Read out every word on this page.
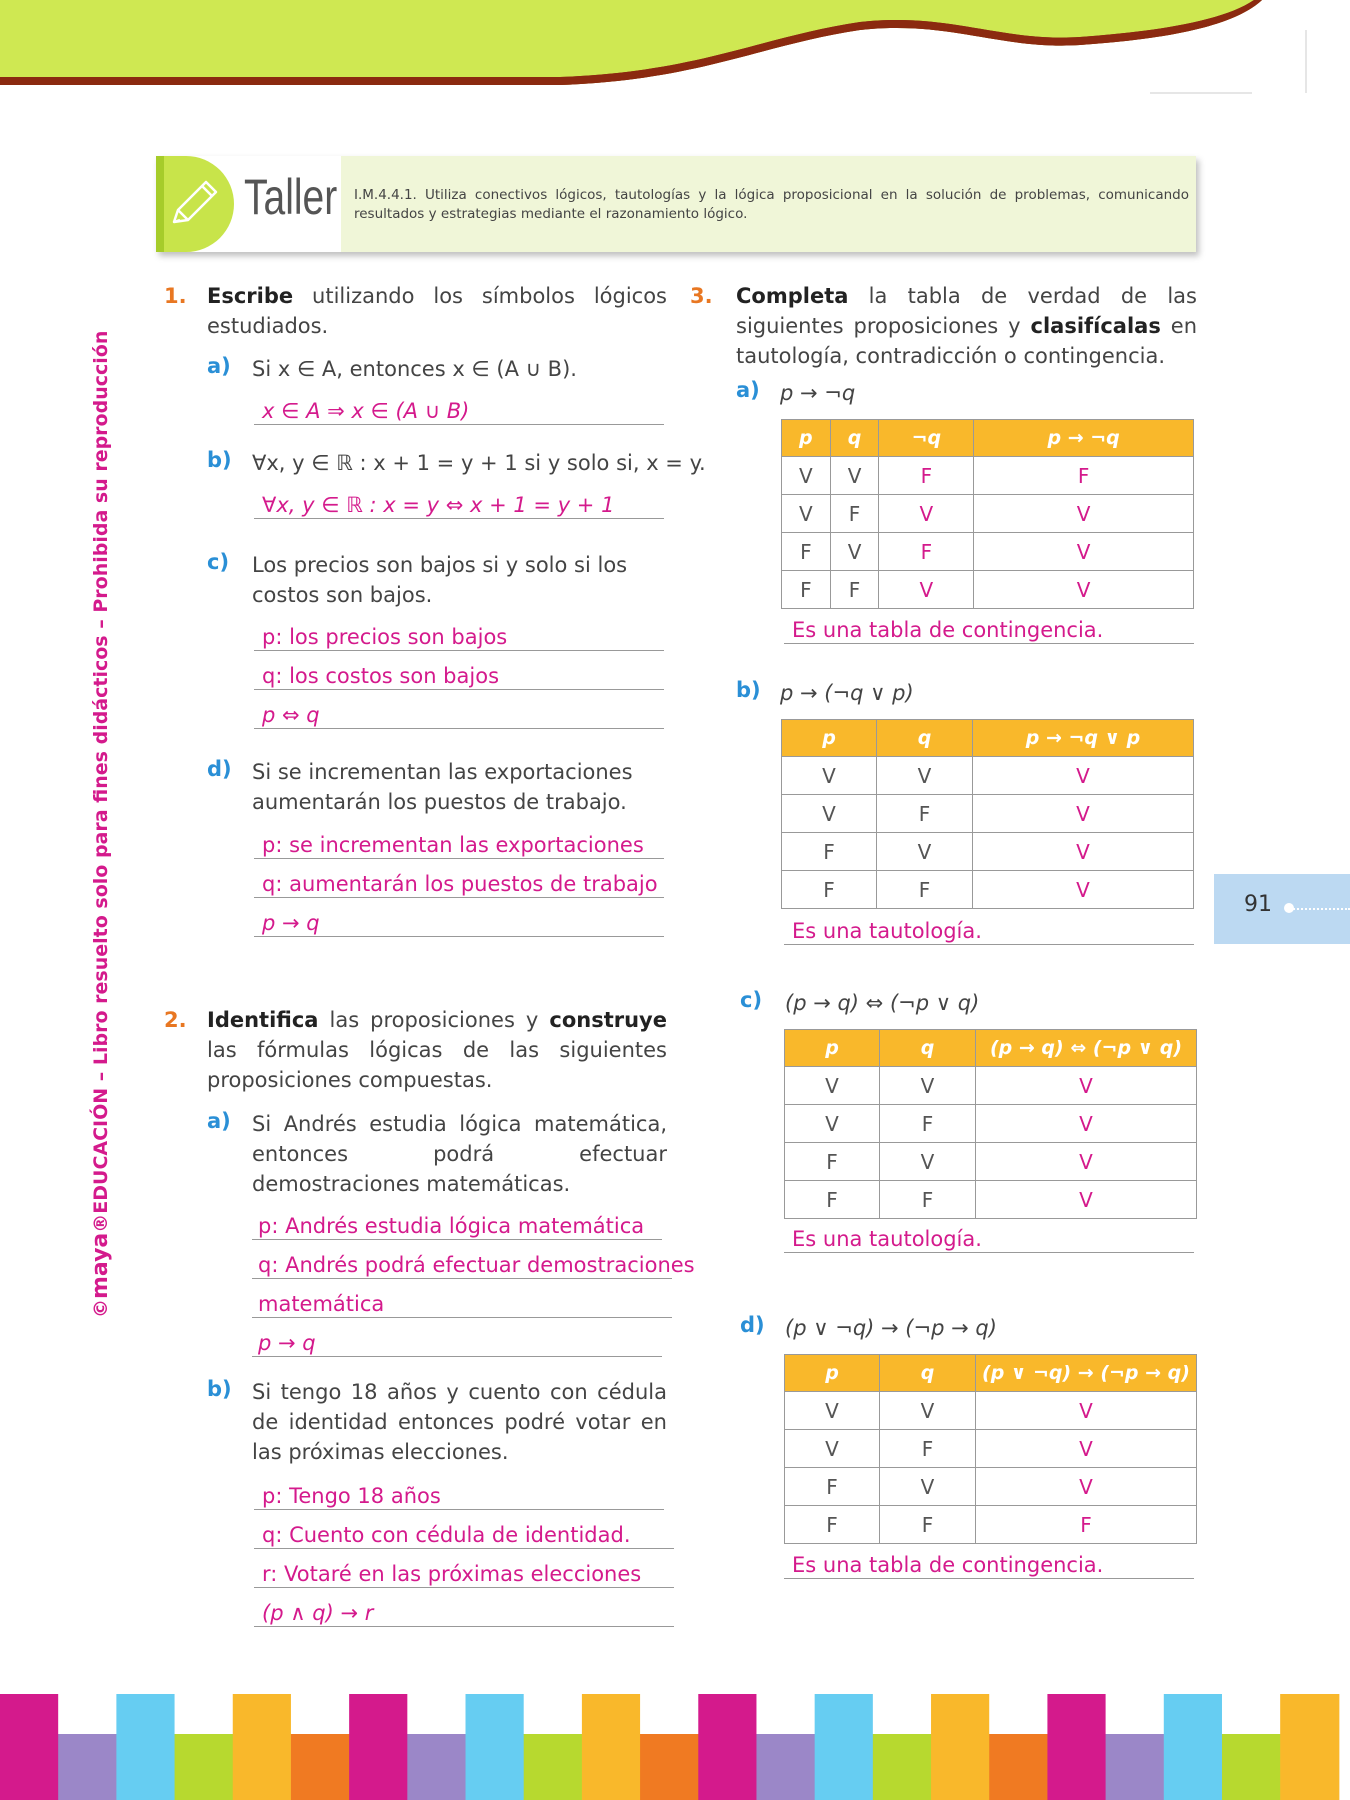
©maya®EDUCACIÓN – Libro resuelto solo para fines didácticos – Prohibida su reproducción	91
Taller I.M.4.4.1. Utiliza conectivos lógicos, tautologías y la lógica proposicional en la solución de problemas, comunicando resultados y estrategias mediante el razonamiento lógico.
1. Escribe utilizando los símbolos lógicos estudiados.
a) Si x ∈ A, entonces x ∈ (A ∪ B).
x ∈ A ⇒ x ∈ (A ∪ B)
b) ∀x, y ∈ ℝ : x + 1 = y + 1 si y solo si, x = y.
∀x, y ∈ ℝ : x = y ⇔ x + 1 = y + 1
c) Los precios son bajos si y solo si los costos son bajos.
p: los precios son bajos
q: los costos son bajos
p ⇔ q
d) Si se incrementan las exportaciones aumentarán los puestos de trabajo.
p: se incrementan las exportaciones
q: aumentarán los puestos de trabajo
p → q
2. Identifica las proposiciones y construye las fórmulas lógicas de las siguientes proposiciones compuestas.
a) Si Andrés estudia lógica matemática, entonces podrá efectuar demostraciones matemáticas.
p: Andrés estudia lógica matemática
q: Andrés podrá efectuar demostraciones
matemática
p → q
b) Si tengo 18 años y cuento con cédula de identidad entonces podré votar en las próximas elecciones.
p: Tengo 18 años
q: Cuento con cédula de identidad.
r: Votaré en las próximas elecciones
(p ∧ q) → r
3. Completa la tabla de verdad de las siguientes proposiciones y clasifícalas en tautología, contradicción o contingencia.
a) p → ¬q
p	q	¬q	p → ¬q
V	V	F	F
V	F	V	V
F	V	F	V
F	F	V	V
Es una tabla de contingencia.
b) p → (¬q ∨ p)
p	q	p → ¬q ∨ p
V	V	V
V	F	V
F	V	V
F	F	V
Es una tautología.
c) (p → q) ⇔ (¬p ∨ q)
p	q	(p → q) ⇔ (¬p ∨ q)
V	V	V
V	F	V
F	V	V
F	F	V
Es una tautología.
d) (p ∨ ¬q) → (¬p → q)
p	q	(p ∨ ¬q) → (¬p → q)
V	V	V
V	F	V
F	V	V
F	F	F
Es una tabla de contingencia.
